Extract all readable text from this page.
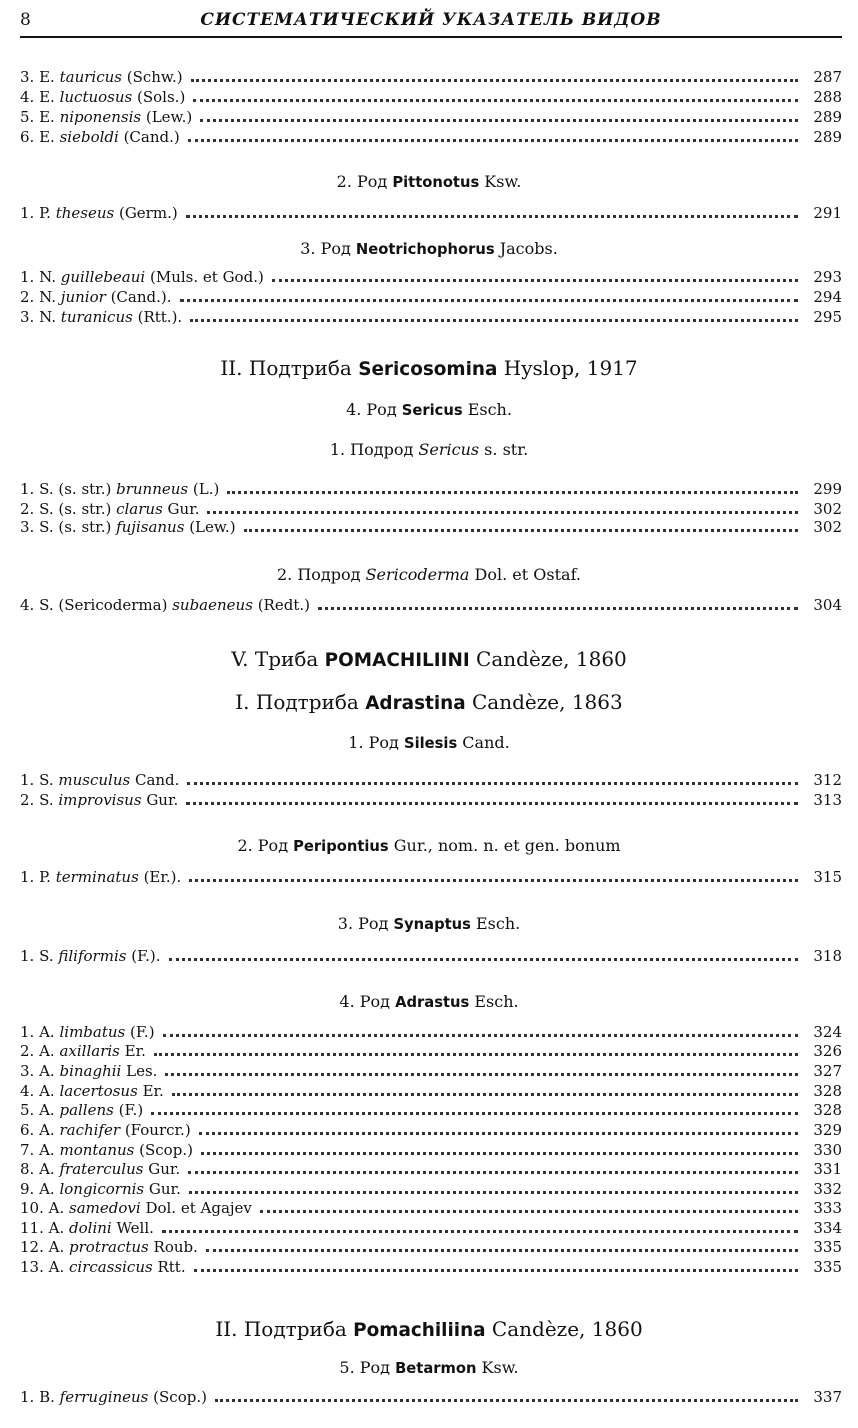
8	СИСТЕМАТИЧЕСКИЙ УКАЗАТЕЛЬ ВИДОВ
3. E. tauricus (Schw.)	287
4. E. luctuosus (Sols.)	288
5. E. niponensis (Lew.)	289
6. E. sieboldi (Cand.)	289
2. Род Pittonotus Ksw.
1. P. theseus (Germ.)	291
3. Род Neotrichophorus Jacobs.
1. N. guillebeaui (Muls. et God.)	293
2. N. junior (Cand.).	294
3. N. turanicus (Rtt.).	295
II. Подтриба Sericosomina Hyslop, 1917
4. Род Sericus Esch.
1. Подрод Sericus s. str.
1. S. (s. str.) brunneus (L.)	299
2. S. (s. str.) clarus Gur.	302
3. S. (s. str.) fujisanus (Lew.)	302
2. Подрод Sericoderma Dol. et Ostaf.
4. S. (Sericoderma) subaeneus (Redt.)	304
V. Триба POMACHILIINI Candèze, 1860
I. Подтриба Adrastina Candèze, 1863
1. Род Silesis Cand.
1. S. musculus Cand.	312
2. S. improvisus Gur.	313
2. Род Peripontius Gur., nom. n. et gen. bonum
1. P. terminatus (Er.).	315
3. Род Synaptus Esch.
1. S. filiformis (F.).	318
4. Род Adrastus Esch.
1. A. limbatus (F.)	324
2. A. axillaris Er.	326
3. A. binaghii Les.	327
4. A. lacertosus Er.	328
5. A. pallens (F.)	328
6. A. rachifer (Fourcr.)	329
7. A. montanus (Scop.)	330
8. A. fraterculus Gur.	331
9. A. longicornis Gur.	332
10. A. samedovi Dol. et Agajev	333
11. A. dolini Well.	334
12. A. protractus Roub.	335
13. A. circassicus Rtt.	335
II. Подтриба Pomachiliina Candèze, 1860
5. Род Betarmon Ksw.
1. B. ferrugineus (Scop.)	337
